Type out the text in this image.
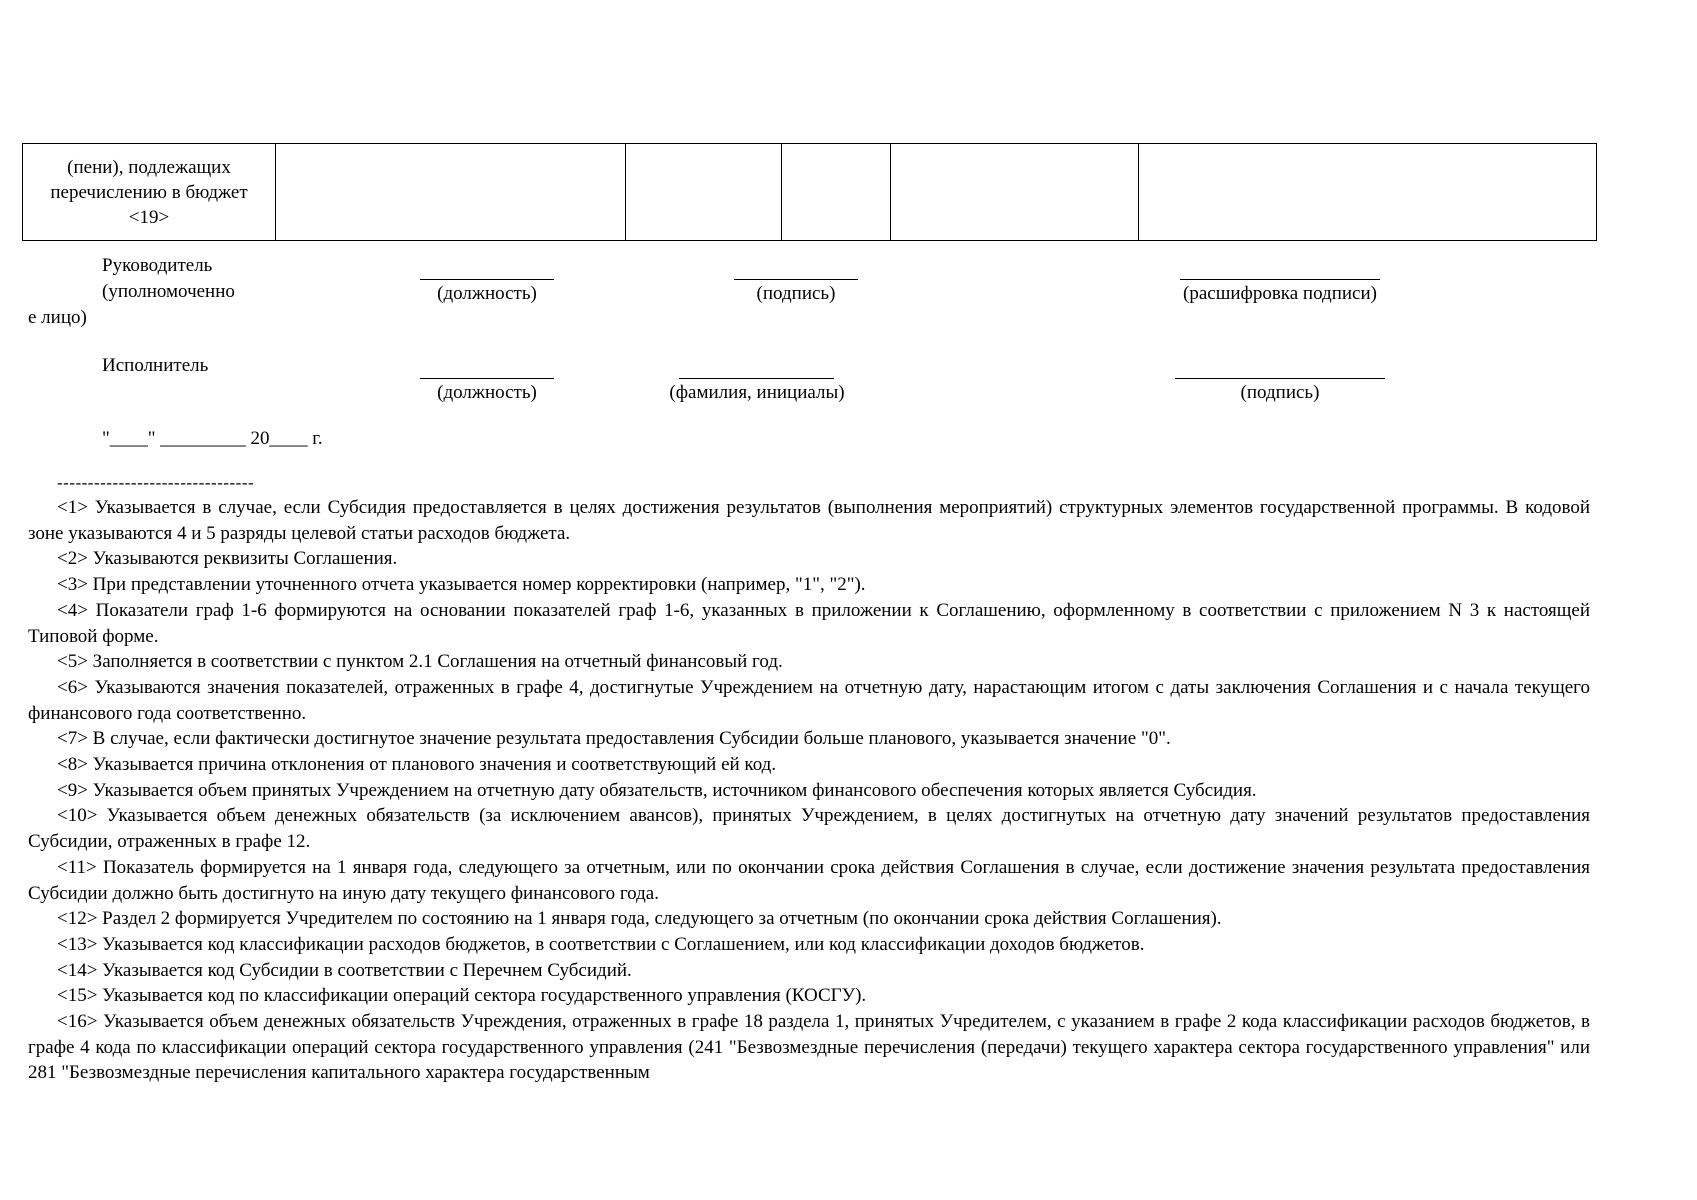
(пени), подлежащих
перечислению в бюджет
<19>

Руководитель
(уполномоченно
е лицо)
(должность)	(подпись)	(расшифровка подписи)
Исполнитель
(должность)	(фамилия, инициалы)	(подпись)
"____" _________ 20____ г.
--------------------------------

<1> Указывается в случае, если Субсидия предоставляется в целях достижения результатов (выполнения мероприятий) структурных элементов государственной программы. В кодовой зоне указываются 4 и 5 разряды целевой статьи расходов бюджета.

<2> Указываются реквизиты Соглашения.

<3> При представлении уточненного отчета указывается номер корректировки (например, "1", "2").

<4> Показатели граф 1-6 формируются на основании показателей граф 1-6, указанных в приложении к Соглашению, оформленному в соответствии с приложением N 3 к настоящей Типовой форме.

<5> Заполняется в соответствии с пунктом 2.1 Соглашения на отчетный финансовый год.

<6> Указываются значения показателей, отраженных в графе 4, достигнутые Учреждением на отчетную дату, нарастающим итогом с даты заключения Соглашения и с начала текущего финансового года соответственно.

<7> В случае, если фактически достигнутое значение результата предоставления Субсидии больше планового, указывается значение "0".

<8> Указывается причина отклонения от планового значения и соответствующий ей код.

<9> Указывается объем принятых Учреждением на отчетную дату обязательств, источником финансового обеспечения которых является Субсидия.

<10> Указывается объем денежных обязательств (за исключением авансов), принятых Учреждением, в целях достигнутых на отчетную дату значений результатов предоставления Субсидии, отраженных в графе 12.

<11> Показатель формируется на 1 января года, следующего за отчетным, или по окончании срока действия Соглашения в случае, если достижение значения результата предоставления Субсидии должно быть достигнуто на иную дату текущего финансового года.

<12> Раздел 2 формируется Учредителем по состоянию на 1 января года, следующего за отчетным (по окончании срока действия Соглашения).

<13> Указывается код классификации расходов бюджетов, в соответствии с Соглашением, или код классификации доходов бюджетов.

<14> Указывается код Субсидии в соответствии с Перечнем Субсидий.

<15> Указывается код по классификации операций сектора государственного управления (КОСГУ).

<16> Указывается объем денежных обязательств Учреждения, отраженных в графе 18 раздела 1, принятых Учредителем, с указанием в графе 2 кода классификации расходов бюджетов, в графе 4 кода по классификации операций сектора государственного управления (241 "Безвозмездные перечисления (передачи) текущего характера сектора государственного управления" или 281 "Безвозмездные перечисления капитального характера государственным
